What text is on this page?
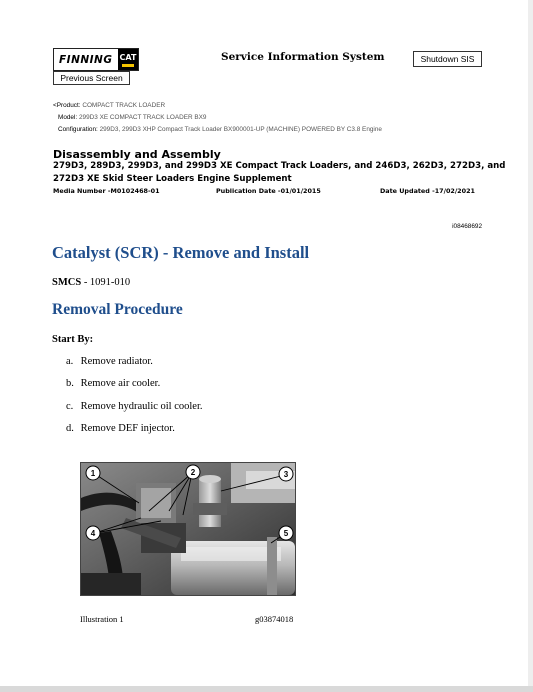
FINNING CAT	Service Information System	Shutdown SIS
Previous Screen
<Product: COMPACT TRACK LOADER
Model: 299D3 XE COMPACT TRACK LOADER BX9
Configuration: 299D3, 299D3 XHP Compact Track Loader BX900001-UP (MACHINE) POWERED BY C3.8 Engine
Disassembly and Assembly
279D3, 289D3, 299D3, and 299D3 XE Compact Track Loaders, and 246D3, 262D3, 272D3, and 272D3 XE Skid Steer Loaders Engine Supplement
Media Number -M0102468-01	Publication Date -01/01/2015	Date Updated -17/02/2021
i08468692
Catalyst (SCR) - Remove and Install
SMCS - 1091-010
Removal Procedure
Start By:
a. Remove radiator.
b. Remove air cooler.
c. Remove hydraulic oil cooler.
d. Remove DEF injector.
1	2	3
4	5
Illustration 1	g03874018
